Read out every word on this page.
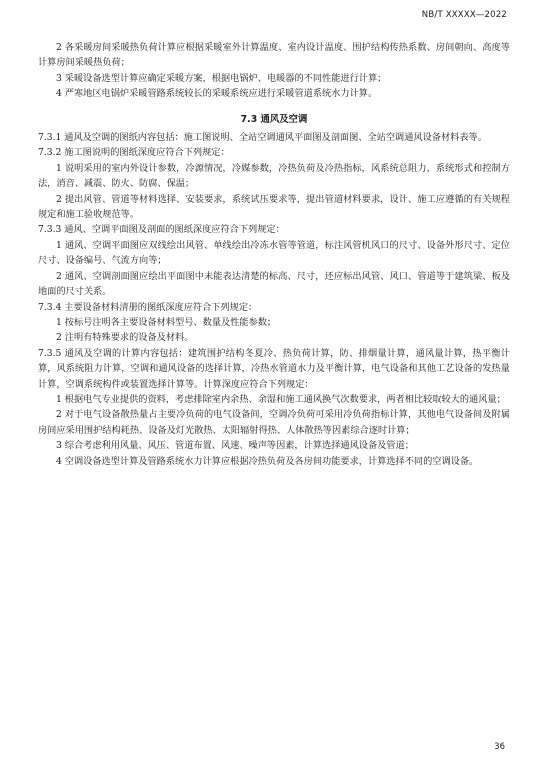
NB/T XXXXX—2022

2 各采暖房间采暖热负荷计算应根据采暖室外计算温度、室内设计温度、围护结构传热系数、房间朝向、高度等计算房间采暖热负荷；

3 采暖设备选型计算应确定采暖方案，根据电锅炉、电暖器的不同性能进行计算；

4 严寒地区电锅炉采暖管路系统较长的采暖系统应进行采暖管道系统水力计算。

7.3 通风及空调

7.3.1 通风及空调的图纸内容包括：施工图说明、全站空调通风平面图及剖面图、全站空调通风设备材料表等。

7.3.2 施工图说明的图纸深度应符合下列规定：

1 说明采用的室内外设计参数，冷源情况，冷媒参数，冷热负荷及冷热指标，风系统总阻力，系统形式和控制方法，消音、减震、防火、防腐、保温；

2 提出风管、管道等材料选择、安装要求，系统试压要求等，提出管道材料要求，设计、施工应遵循的有关规程规定和施工验收规范等。

7.3.3 通风、空调平面图及剖面的图纸深度应符合下列规定：

1 通风、空调平面图应双线绘出风管、单线绘出冷冻水管等管道，标注风管机风口的尺寸、设备外形尺寸、定位尺寸、设备编号、气流方向等；

2 通风、空调剖面图应绘出平面图中未能表达清楚的标高、尺寸，还应标出风管、风口、管道等于建筑梁、板及地面的尺寸关系。

7.3.4 主要设备材料清册的图纸深度应符合下列规定：

1 按标号注明各主要设备材料型号、数量及性能参数；

2 注明有特殊要求的设备及材料。

7.3.5 通风及空调的计算内容包括：建筑围护结构冬夏冷、热负荷计算，防、排烟量计算，通风量计算，热平衡计算，风系统阻力计算，空调和通风设备的选择计算，冷热水管道水力及平衡计算，电气设备和其他工艺设备的发热量计算，空调系统构件或装置选择计算等。计算深度应符合下列规定：

1 根据电气专业提供的资料，考虑排除室内余热、余湿和施工通风换气次数要求，两者相比较取较大的通风量；

2 对于电气设备散热量占主要冷负荷的电气设备间，空调冷负荷可采用冷负荷指标计算，其他电气设备间及附属房间应采用围护结构耗热、设备及灯光散热、太阳辐射得热、人体散热等因素综合逐时计算；

3 综合考虑利用风量、风压、管道布置、风速、噪声等因素，计算选择通风设备及管道；

4 空调设备选型计算及管路系统水力计算应根据冷热负荷及各房间功能要求，计算选择不同的空调设备。

36
